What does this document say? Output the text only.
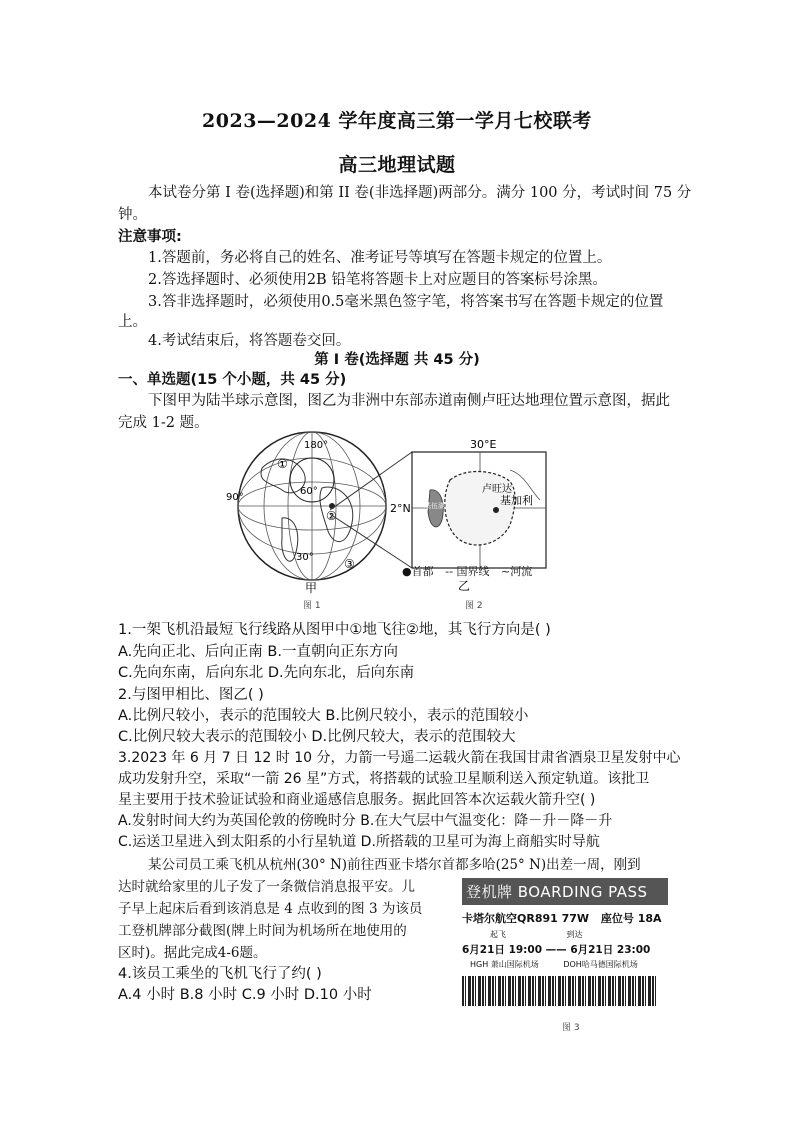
2023—2024 学年度高三第一学月七校联考
高三地理试题
本试卷分第 I 卷(选择题)和第 II 卷(非选择题)两部分。满分 100 分，考试时间 75 分
钟。
注意事项:
1.答题前，务必将自己的姓名、准考证号等填写在答题卡规定的位置上。
2.答选择题时、必须使用2B 铅笔将答题卡上对应题目的答案标号涂黑。
3.答非选择题时，必须使用0.5毫米黑色签字笔，将答案书写在答题卡规定的位置
上。
4.考试结束后，将答题卷交回。
第 I 卷(选择题 共 45 分)
一、单选题(15 个小题，共 45 分)
下图甲为陆半球示意图，图乙为非洲中东部赤道南侧卢旺达地理位置示意图，据此
完成 1-2 题。
180°
90°
60°
30°
①
②
③
甲
30°E
2°N
卢旺达
基加利
基伍湖
乙
●首都 -- 国界线 ~河流
图 1	图 2
1.一架飞机沿最短飞行线路从图甲中①地飞往②地，其飞行方向是( )
A.先向正北、后向正南 B.一直朝向正东方向
C.先向东南，后向东北 D.先向东北，后向东南
2.与图甲相比、图乙( )
A.比例尺较小，表示的范围较大 B.比例尺较小，表示的范围较小
C.比例尺较大表示的范围较小 D.比例尺较大，表示的范围较大
3.2023 年 6 月 7 日 12 时 10 分，力箭一号遥二运载火箭在我国甘肃省酒泉卫星发射中心
成功发射升空，采取“一箭 26 星”方式，将搭载的试验卫星顺利送入预定轨道。该批卫
星主要用于技术验证试验和商业遥感信息服务。据此回答本次运载火箭升空( )
A.发射时间大约为英国伦敦的傍晚时分 B.在大气层中气温变化：降－升－降－升
C.运送卫星进入到太阳系的小行星轨道 D.所搭载的卫星可为海上商船实时导航
某公司员工乘飞机从杭州(30° N)前往西亚卡塔尔首都多哈(25° N)出差一周，刚到
达时就给家里的儿子发了一条微信消息报平安。儿
子早上起床后看到该消息是 4 点收到的图 3 为该员
工登机牌部分截图(牌上时间为机场所在地使用的
区时)。据此完成4-6题。
4.该员工乘坐的飞机飞行了约( )
A.4 小时 B.8 小时 C.9 小时 D.10 小时
登机牌 BOARDING PASS
卡塔尔航空QR891 77W 座位号 18A
起飞	到达
6月21日 19:00 —— 6月21日 23:00
HGH 萧山国际机场	DOH哈马德国际机场
图 3
